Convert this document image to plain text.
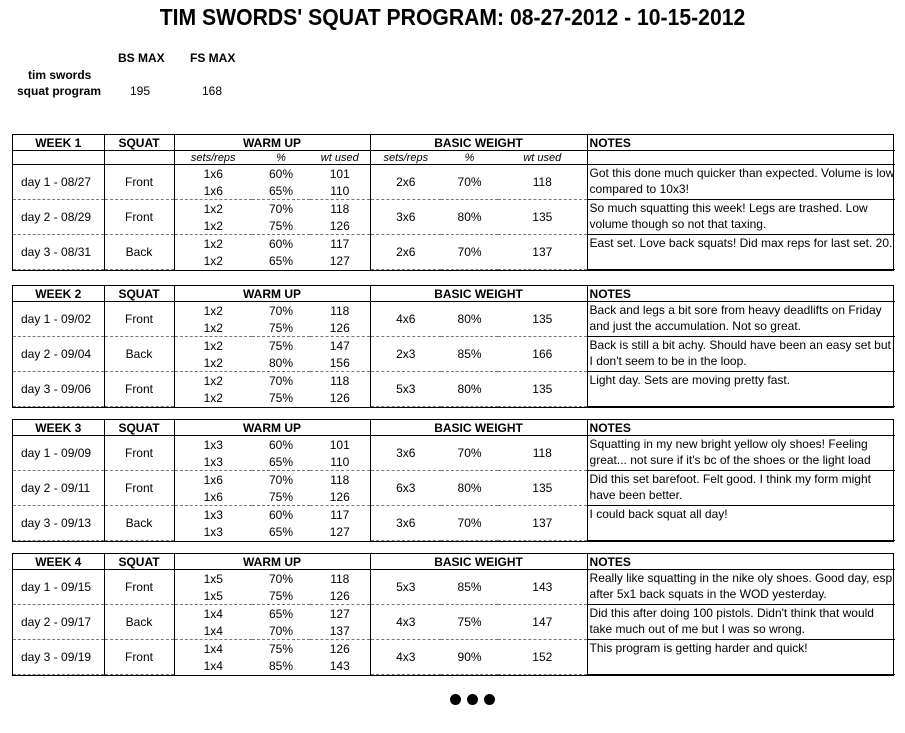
TIM SWORDS' SQUAT PROGRAM: 08-27-2012 - 10-15-2012
BS MAX FS MAX
tim swords
squat program 195	168
WEEK 1	SQUAT	WARM UP			BASIC WEIGHT			NOTES
		sets/reps	%	wt used	sets/reps	%	wt used	
day 1 - 08/27	Front	1x6	60%	101	2x6	70%	118	Got this done much quicker than expected. Volume is low compared to 10x3!
		1x6	65%	110				
day 2 - 08/29	Front	1x2	70%	118	3x6	80%	135	So much squatting this week! Legs are trashed. Low volume though so not that taxing.
		1x2	75%	126				
day 3 - 08/31	Back	1x2	60%	117	2x6	70%	137	East set. Love back squats! Did max reps for last set. 20.
		1x2	65%	127				
WEEK 2	SQUAT	WARM UP			BASIC WEIGHT			NOTES
day 1 - 09/02	Front	1x2	70%	118	4x6	80%	135	Back and legs a bit sore from heavy deadlifts on Friday and just the accumulation. Not so great.
		1x2	75%	126				
day 2 - 09/04	Back	1x2	75%	147	2x3	85%	166	Back is still a bit achy. Should have been an easy set but I don't seem to be in the loop.
		1x2	80%	156				
day 3 - 09/06	Front	1x2	70%	118	5x3	80%	135	Light day. Sets are moving pretty fast.
		1x2	75%	126				
WEEK 3	SQUAT	WARM UP			BASIC WEIGHT			NOTES
day 1 - 09/09	Front	1x3	60%	101	3x6	70%	118	Squatting in my new bright yellow oly shoes! Feeling great... not sure if it's bc of the shoes or the light load
		1x3	65%	110				
day 2 - 09/11	Front	1x6	70%	118	6x3	80%	135	Did this set barefoot. Felt good. I think my form might have been better.
		1x6	75%	126				
day 3 - 09/13	Back	1x3	60%	117	3x6	70%	137	I could back squat all day!
		1x3	65%	127				
WEEK 4	SQUAT	WARM UP			BASIC WEIGHT			NOTES
day 1 - 09/15	Front	1x5	70%	118	5x3	85%	143	Really like squatting in the nike oly shoes. Good day, esp after 5x1 back squats in the WOD yesterday.
		1x5	75%	126				
day 2 - 09/17	Back	1x4	65%	127	4x3	75%	147	Did this after doing 100 pistols. Didn't think that would take much out of me but I was so wrong.
		1x4	70%	137				
day 3 - 09/19	Front	1x4	75%	126	4x3	90%	152	This program is getting harder and quick!
		1x4	85%	143				
